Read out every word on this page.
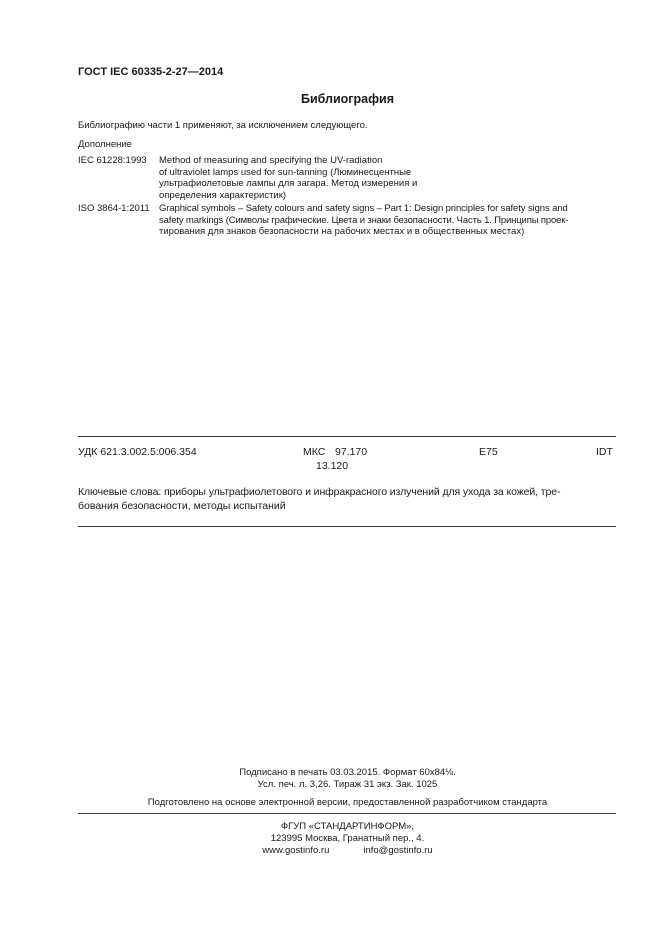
ГОСТ IEC 60335-2-27—2014
Библиография
Библиографию части 1 применяют, за исключением следующего.
Дополнение
IEC 61228:1993 Method of measuring and specifying the UV-radiation
of ultraviolet lamps used for sun-tanning (Люминесцентные
ультрафиолетовые лампы для загара. Метод измерения и
определения характеристик)
ISO 3864-1:2011 Graphical symbols – Safety colours and safety signs – Part 1: Design principles for safety signs and
safety markings (Символы графические. Цвета и знаки безопасности. Часть 1. Принципы проек-
тирования для знаков безопасности на рабочих местах и в общественных местах)
УДК 621.3.002.5:006.354	МКС 97.170
13.120
Е75	IDT
Ключевые слова: приборы ультрафиолетового и инфракрасного излучений для ухода за кожей, тре-
бования безопасности, методы испытаний
Подписано в печать 03.03.2015. Формат 60x84⅛.
Усл. печ. л. 3,26. Тираж 31 экз. Зак. 1025
Подготовлено на основе электронной версии, предоставленной разработчиком стандарта
ФГУП «СТАНДАРТИНФОРМ»,
123995 Москва, Гранатный пер., 4.
www.gostinfo.ru	info@gostinfo.ru
